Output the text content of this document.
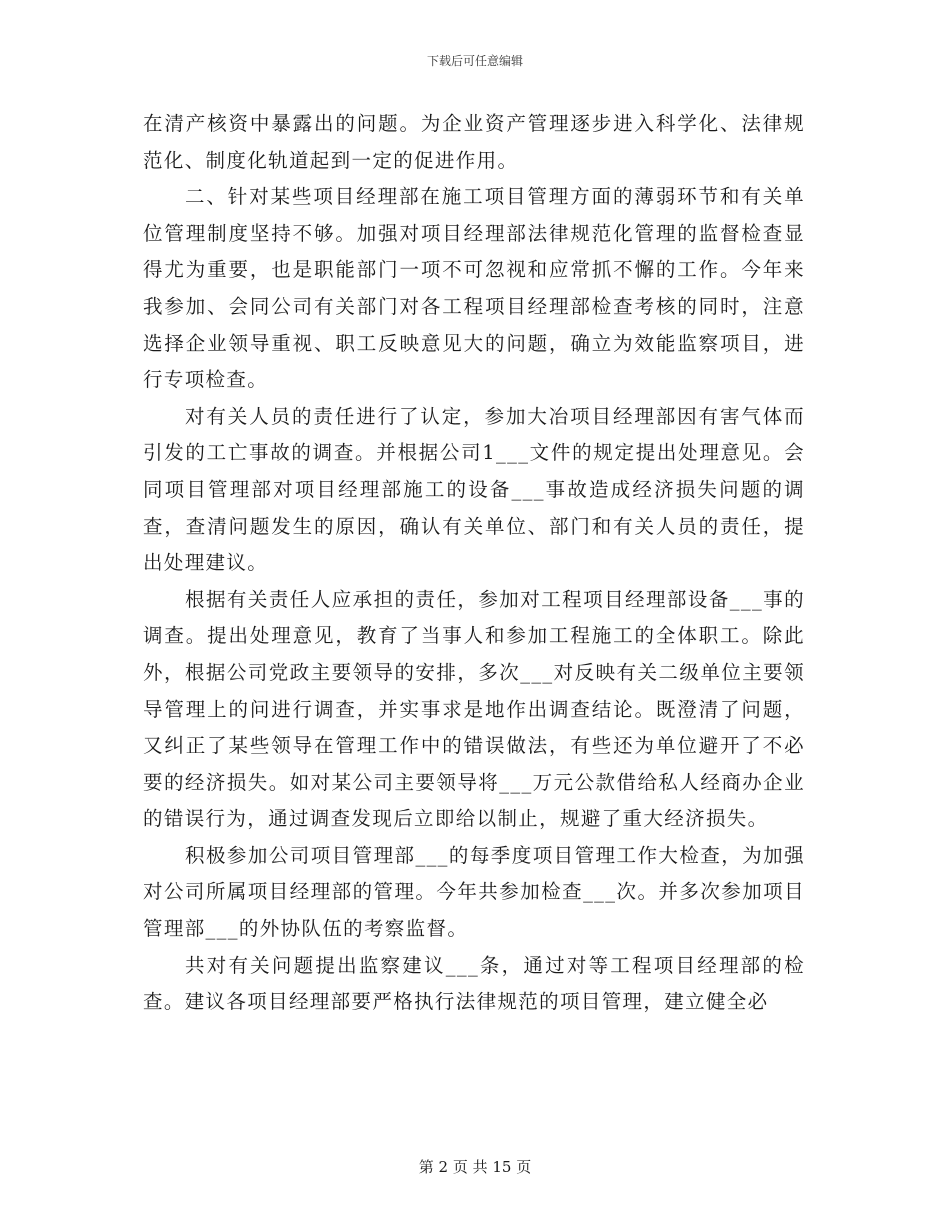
下载后可任意编辑

在清产核资中暴露出的问题。为企业资产管理逐步进入科学化、法律规范化、制度化轨道起到一定的促进作用。

二、针对某些项目经理部在施工项目管理方面的薄弱环节和有关单位管理制度坚持不够。加强对项目经理部法律规范化管理的监督检查显得尤为重要，也是职能部门一项不可忽视和应常抓不懈的工作。今年来我参加、会同公司有关部门对各工程项目经理部检查考核的同时，注意选择企业领导重视、职工反映意见大的问题，确立为效能监察项目，进行专项检查。

对有关人员的责任进行了认定，参加大冶项目经理部因有害气体而引发的工亡事故的调查。并根据公司1___文件的规定提出处理意见。会同项目管理部对项目经理部施工的设备___事故造成经济损失问题的调查，查清问题发生的原因，确认有关单位、部门和有关人员的责任，提出处理建议。

根据有关责任人应承担的责任，参加对工程项目经理部设备___事的调查。提出处理意见，教育了当事人和参加工程施工的全体职工。除此外，根据公司党政主要领导的安排，多次___对反映有关二级单位主要领导管理上的问进行调查，并实事求是地作出调查结论。既澄清了问题，又纠正了某些领导在管理工作中的错误做法，有些还为单位避开了不必要的经济损失。如对某公司主要领导将___万元公款借给私人经商办企业的错误行为，通过调查发现后立即给以制止，规避了重大经济损失。

积极参加公司项目管理部___的每季度项目管理工作大检查，为加强对公司所属项目经理部的管理。今年共参加检查___次。并多次参加项目管理部___的外协队伍的考察监督。

共对有关问题提出监察建议___条，通过对等工程项目经理部的检查。建议各项目经理部要严格执行法律规范的项目管理，建立健全必

第 2 页 共 15 页
